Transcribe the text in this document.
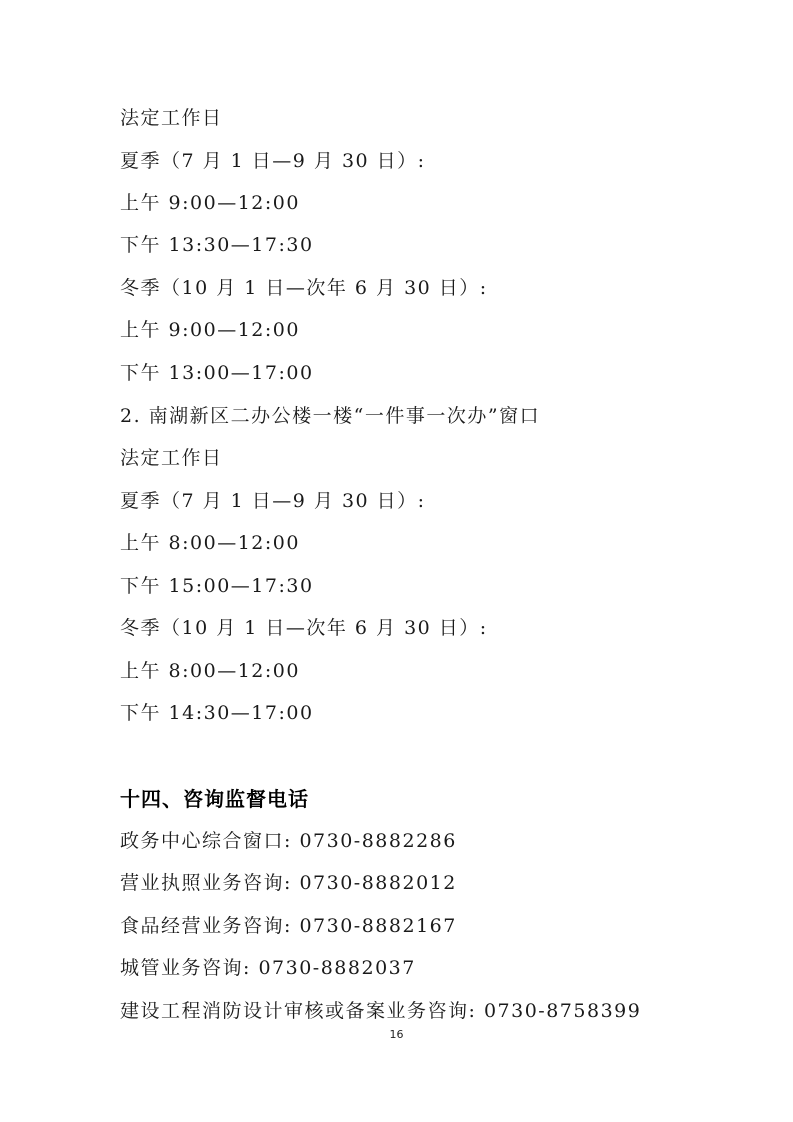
法定工作日
夏季（7 月 1 日—9 月 30 日）:
上午 9:00—12:00
下午 13:30—17:30
冬季（10 月 1 日—次年 6 月 30 日）:
上午 9:00—12:00
下午 13:00—17:00
2. 南湖新区二办公楼一楼“一件事一次办”窗口
法定工作日
夏季（7 月 1 日—9 月 30 日）:
上午 8:00—12:00
下午 15:00—17:30
冬季（10 月 1 日—次年 6 月 30 日）:
上午 8:00—12:00
下午 14:30—17:00
十四、咨询监督电话
政务中心综合窗口: 0730-8882286
营业执照业务咨询: 0730-8882012
食品经营业务咨询: 0730-8882167
城管业务咨询: 0730-8882037
建设工程消防设计审核或备案业务咨询: 0730-8758399
16
